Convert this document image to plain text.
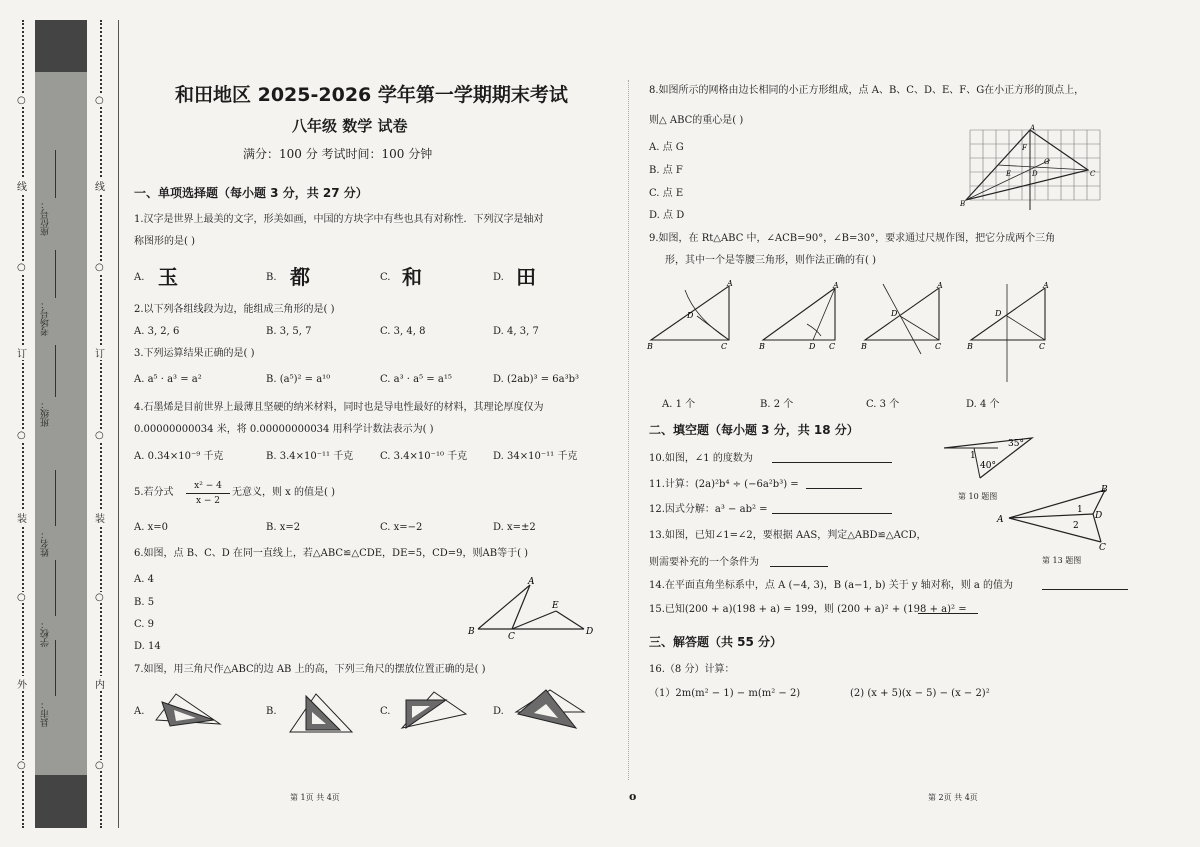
○
线
○
订
○
装
○
外
○
○
线
○
订
○
装
○
内
○
座位号：
考场号：
班级：
姓名：
学校：
县市：
和田地区 2025-2026 学年第一学期期末考试
八年级 数学 试卷
满分：100 分 考试时间：100 分钟
一、单项选择题（每小题 3 分，共 27 分）
1.汉字是世界上最美的文字，形美如画，中国的方块字中有些也具有对称性．下列汉字是轴对
称图形的是( )
A. 玉	B. 都	C. 和	D. 田
2.以下列各组线段为边，能组成三角形的是( )
A. 3, 2, 6	B. 3, 5, 7	C. 3, 4, 8	D. 4, 3, 7
3.下列运算结果正确的是( )
A. a⁵ · a³ = a²	B. (a⁵)² = a¹⁰	C. a³ · a⁵ = a¹⁵	D. (2ab)³ = 6a³b³
4.石墨烯是目前世界上最薄且坚硬的纳米材料，同时也是导电性最好的材料，其理论厚度仅为
0.00000000034 米，将 0.00000000034 用科学计数法表示为( )
A. 0.34×10⁻⁹ 千克	B. 3.4×10⁻¹¹ 千克	C. 3.4×10⁻¹⁰ 千克	D. 34×10⁻¹¹ 千克
5.若分式
x² − 4
x − 2
无意义，则 x 的值是( )
A. x=0	B. x=2	C. x=−2	D. x=±2
6.如图，点 B、C、D 在同一直线上，若△ABC≌△CDE，DE=5，CD=9，则AB等于( )
A. 4
B. 5
C. 9
D. 14
A
B	C
E
D
7.如图，用三角尺作△ABC的边 AB 上的高，下列三角尺的摆放位置正确的是( )
A.	B.	C.	D.
8.如图所示的网格由边长相同的小正方形组成，点 A、B、C、D、E、F、G在小正方形的顶点上，
则△ ABC的重心是( )
A. 点 G
B. 点 F
C. 点 E
D. 点 D
A
F
G
E	D	C
B
9.如图，在 Rt△ABC 中，∠ACB=90°，∠B=30°，要求通过尺规作图，把它分成两个三角
形，其中一个是等腰三角形，则作法正确的有( )
A
D
B	C
A
B	D C
A
D
B	C
A
D
B	C
A. 1 个	B. 2 个	C. 3 个	D. 4 个
二、填空题（每小题 3 分，共 18 分）
10.如图，∠1 的度数为
11.计算：(2a)²b⁴ ÷ (−6a²b³) =
12.因式分解：a³ − ab² =
13.如图，已知∠1=∠2，要根据 AAS，判定△ABD≌△ACD，
则需要补充的一个条件为
14.在平面直角坐标系中，点 A (−4, 3)，B (a−1, b) 关于 y 轴对称，则 a 的值为
15.已知(200 + a)(198 + a) = 199，则 (200 + a)² + (198 + a)² =
35°
1
40°
第 10 题图
B
A
1
2
D
C
第 13 题图
三、解答题（共 55 分）
16.（8 分）计算：
（1）2m(m² − 1) − m(m² − 2)	(2) (x + 5)(x − 5) − (x − 2)²
第 1页 共 4页	o	第 2页 共 4页
